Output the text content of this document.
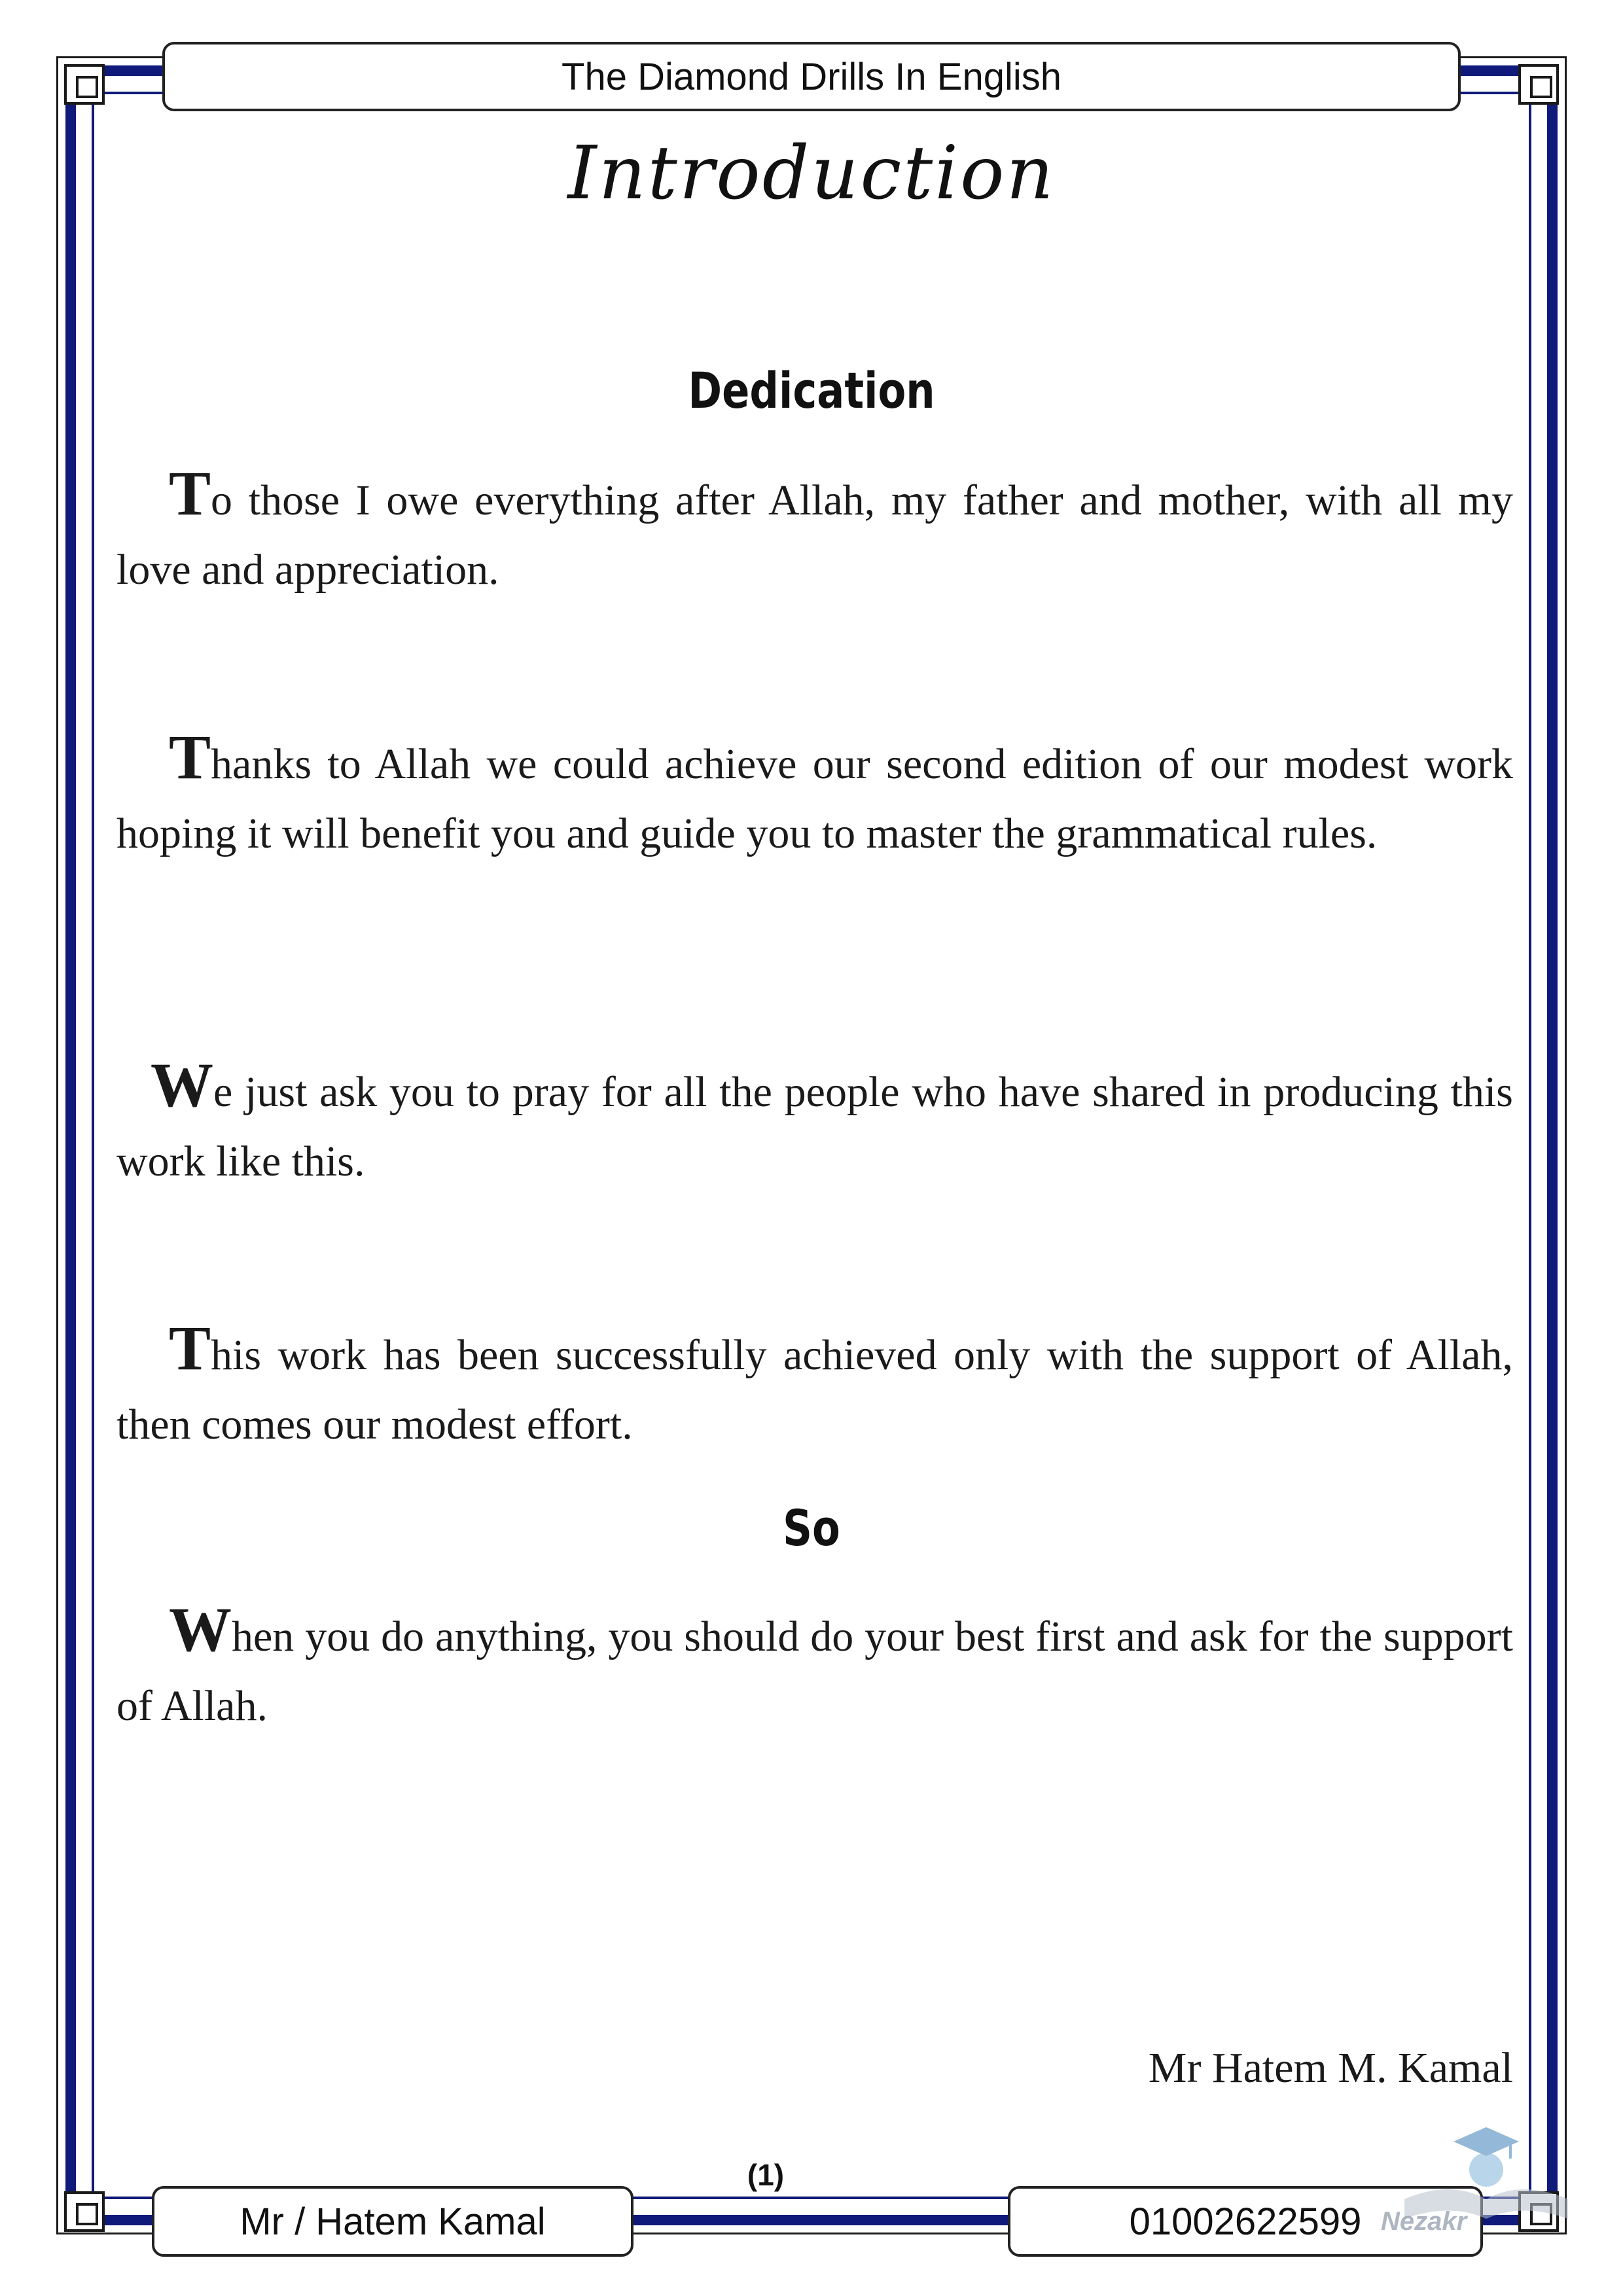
The Diamond Drills In English
Introduction
Dedication
To those I owe everything after Allah, my father and mother, with all my love and appreciation.
Thanks to Allah we could achieve our second edition of our modest work hoping it will benefit you and guide you to master the grammatical rules.
We just ask you to pray for all the people who have shared in producing this work like this.
This work has been successfully achieved only with the support of Allah, then comes our modest effort.
So
When you do anything, you should do your best first and ask for the support of Allah.
Mr Hatem M. Kamal
(1)
Mr / Hatem Kamal	01002622599 Nezakr
